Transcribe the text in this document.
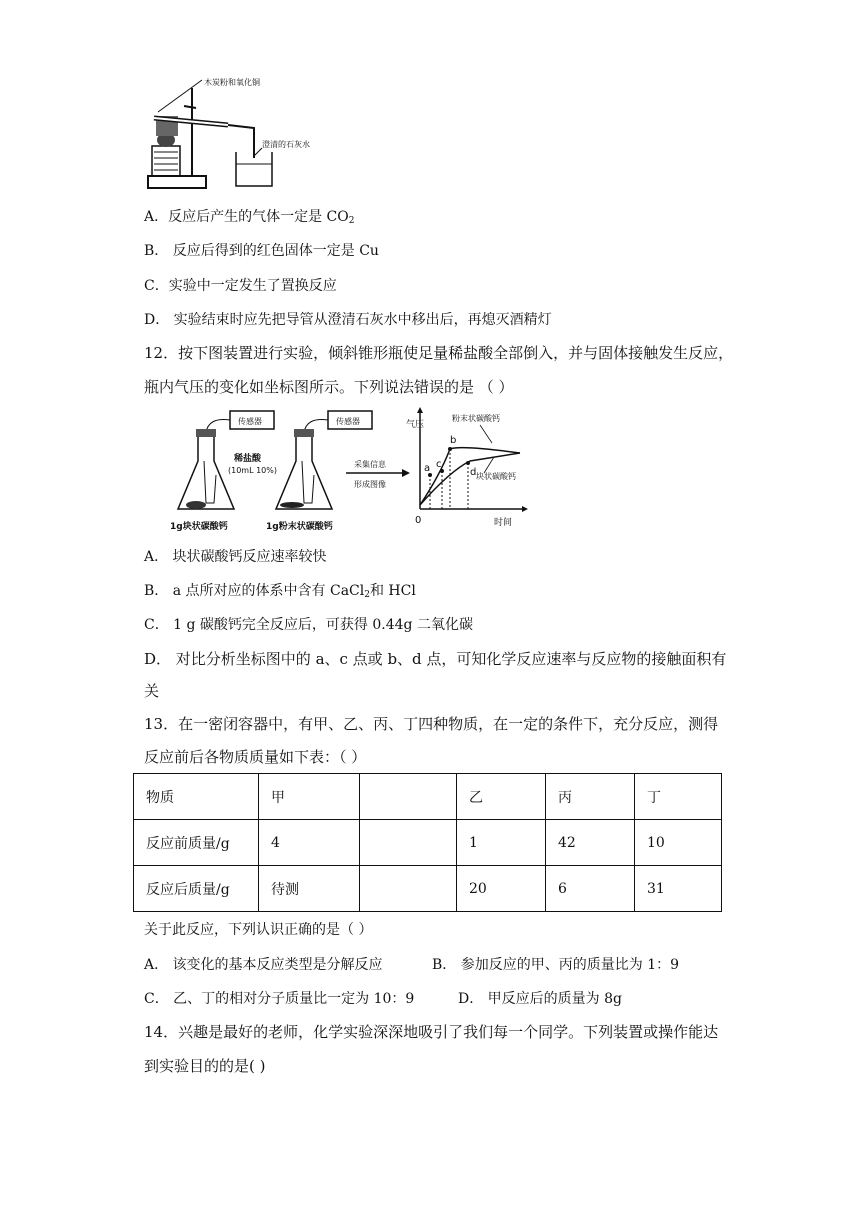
木炭粉和氧化铜
澄清的石灰水
A．反应后产生的气体一定是 $CO_2$
B． 反应后得到的红色固体一定是 Cu
C．实验中一定发生了置换反应
D． 实验结束时应先把导管从澄清石灰水中移出后，再熄灭酒精灯
12．按下图装置进行实验，倾斜锥形瓶使足量稀盐酸全部倒入，并与固体接触发生反应，
瓶内气压的变化如坐标图所示。下列说法错误的是 （ ）
传感器	传感器
稀盐酸
(10mL 10%)
1g块状碳酸钙	1g粉末状碳酸钙
采集信息
形成图像
气压
时间
0
a c
b
d
粉末状碳酸钙
块状碳酸钙
A． 块状碳酸钙反应速率较快
B． a 点所对应的体系中含有 CaCl$_2$和 HCl
C． 1 g 碳酸钙完全反应后，可获得 0.44g 二氧化碳
D． 对比分析坐标图中的 a、c 点或 b、d 点，可知化学反应速率与反应物的接触面积有
关
13．在一密闭容器中，有甲、乙、丙、丁四种物质，在一定的条件下，充分反应，测得
反应前后各物质质量如下表：（ ）
物质	甲		乙	丙	丁
反应前质量/g	4		1	42	10
反应后质量/g	待测		20	6	31
关于此反应，下列认识正确的是（ ）
A． 该变化的基本反应类型是分解反应	B． 参加反应的甲、丙的质量比为 1：9
C． 乙、丁的相对分子质量比一定为 10：9	D． 甲反应后的质量为 8g
14．兴趣是最好的老师，化学实验深深地吸引了我们每一个同学。下列装置或操作能达
到实验目的的是( )
